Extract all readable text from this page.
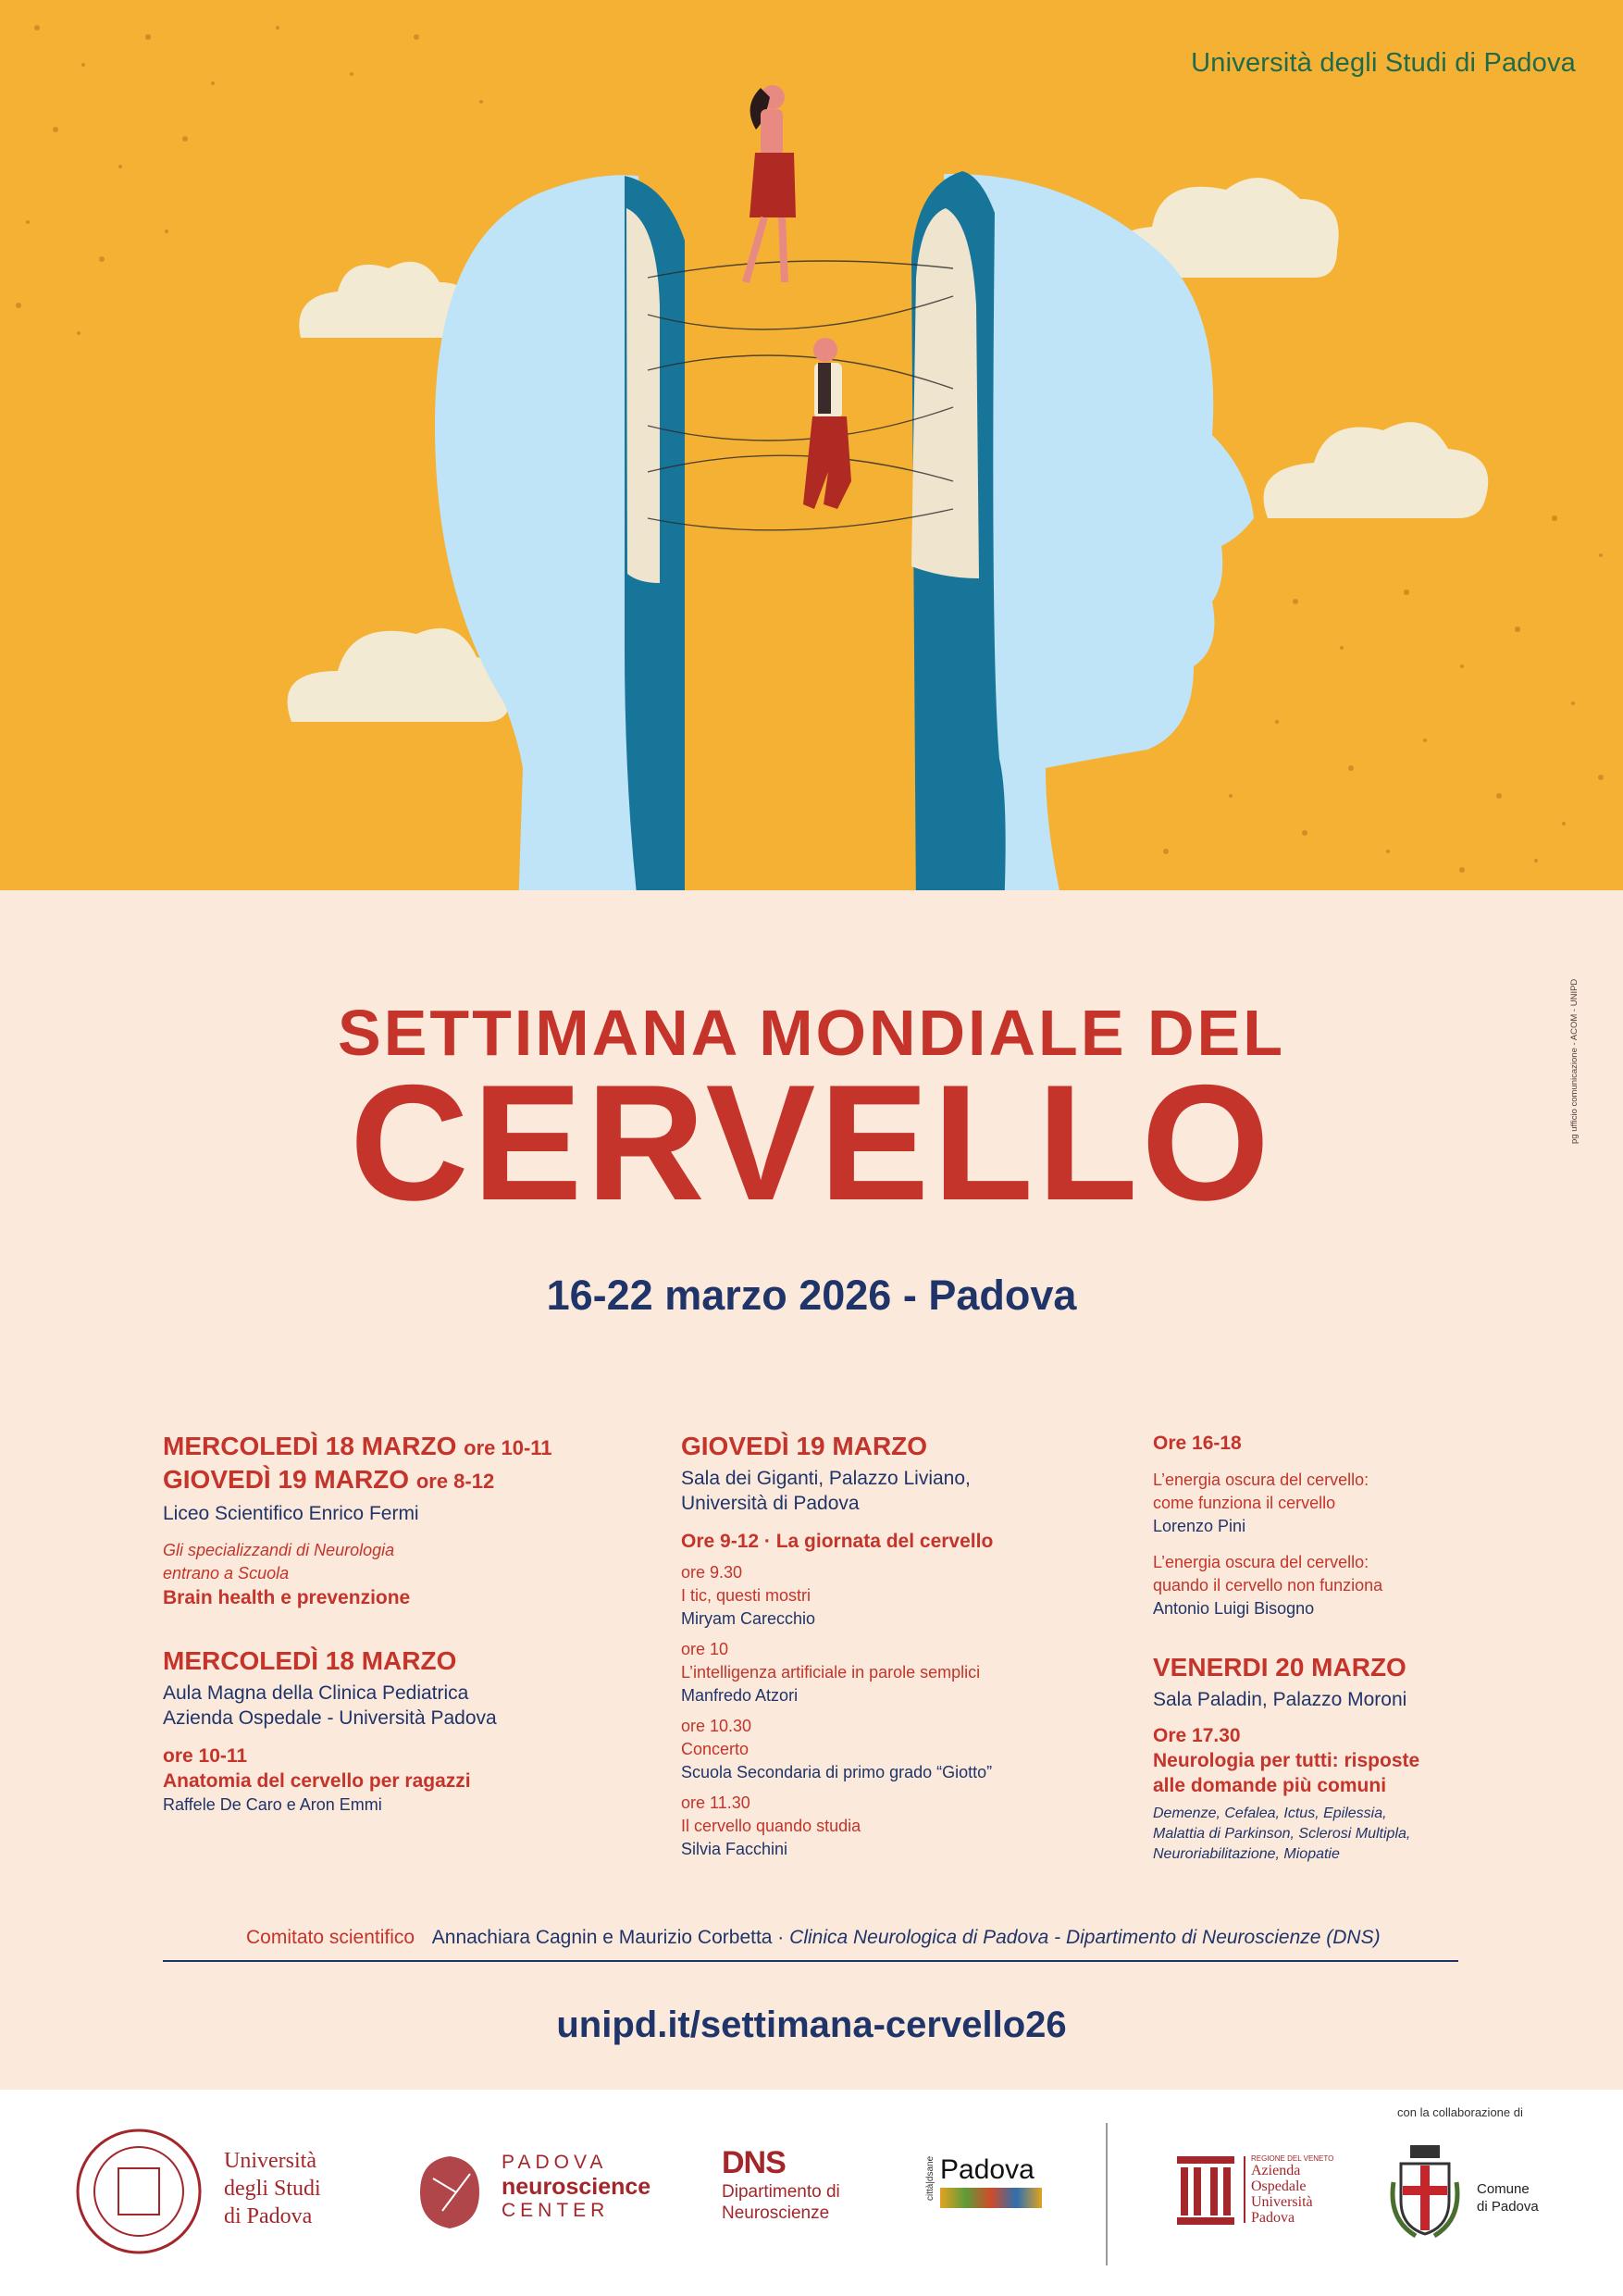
Università degli Studi di Padova
pg ufficio comunicazione - ACOM - UNIPD
SETTIMANA MONDIALE DEL
CERVELLO
16-22 marzo 2026 - Padova
MERCOLEDÌ 18 MARZO ore 10-11
GIOVEDÌ 19 MARZO ore 8-12
Liceo Scientifico Enrico Fermi
Gli specializzandi di Neurologia
entrano a Scuola
Brain health e prevenzione
MERCOLEDÌ 18 MARZO
Aula Magna della Clinica Pediatrica
Azienda Ospedale - Università Padova
ore 10-11
Anatomia del cervello per ragazzi
Raffele De Caro e Aron Emmi
GIOVEDÌ 19 MARZO
Sala dei Giganti, Palazzo Liviano,
Università di Padova
Ore 9-12 · La giornata del cervello
ore 9.30
I tic, questi mostri
Miryam Carecchio
ore 10
L’intelligenza artificiale in parole semplici
Manfredo Atzori
ore 10.30
Concerto
Scuola Secondaria di primo grado “Giotto”
ore 11.30
Il cervello quando studia
Silvia Facchini
Ore 16-18
L’energia oscura del cervello:
come funziona il cervello
Lorenzo Pini
L’energia oscura del cervello:
quando il cervello non funziona
Antonio Luigi Bisogno
VENERDI 20 MARZO
Sala Paladin, Palazzo Moroni
Ore 17.30
Neurologia per tutti: risposte
alle domande più comuni
Demenze, Cefalea, Ictus, Epilessia,
Malattia di Parkinson, Sclerosi Multipla,
Neuroriabilitazione, Miopatie
Comitato scientifico Annachiara Cagnin e Maurizio Corbetta · Clinica Neurologica di Padova - Dipartimento di Neuroscienze (DNS)
unipd.it/settimana-cervello26
con la collaborazione di
Università
degli Studi
di Padova
PADOVA
neuroscience
CENTER
DNS
Dipartimento di
Neuroscienze
città|dsane Padova	REGIONE DEL VENETO
Azienda
Ospedale
Università
Padova
Comune
di Padova
